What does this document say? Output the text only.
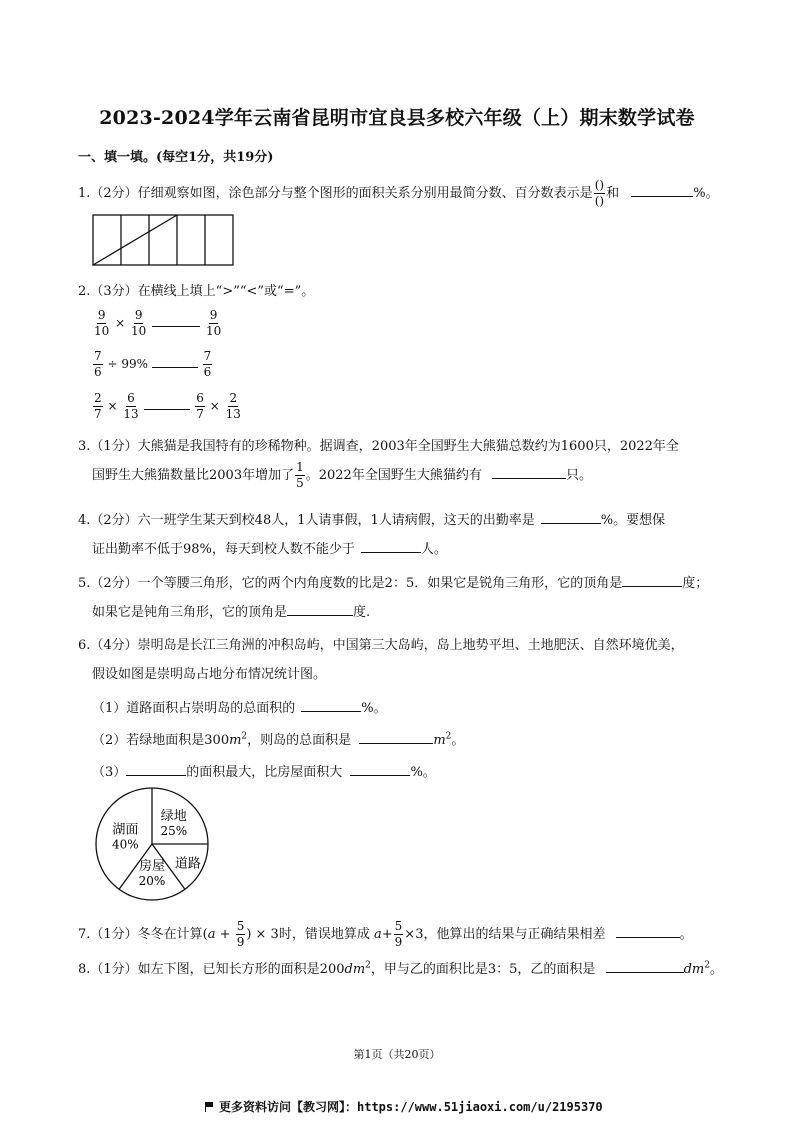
2023-2024学年云南省昆明市宜良县多校六年级（上）期末数学试卷
一、填一填。(每空1分，共19分)
1.（2分）仔细观察如图，涂色部分与整个图形的面积关系分别用最简分数、百分数表示是 $\frac{()}{()}$ 和	%。
2.（3分）在横线上填上“>”“<”或“=”。
$\frac{9}{10} \times \frac{9}{10}$
	$\frac{9}{10}$
$\frac{7}{6} \div 99\%$	$\frac{7}{6}$
$\frac{2}{7} \times \frac{6}{13}$
	$\frac{6}{7} \times \frac{2}{13}$
3.（1分）大熊猫是我国特有的珍稀物种。据调查，2003年全国野生大熊猫总数约为1600只，2022年全
国野生大熊猫数量比2003年增加了 $\frac{1}{5}$ 。2022年全国野生大熊猫约有	只。
4.（2分）六一班学生某天到校48人，1人请事假，1人请病假，这天的出勤率是	%。要想保
证出勤率不低于98%，每天到校人数不能少于	人。
5.（2分）一个等腰三角形，它的两个内角度数的比是2：5．如果它是锐角三角形，它的顶角是	度；
如果它是钝角三角形，它的顶角是	度.
6.（4分）崇明岛是长江三角洲的冲积岛屿，中国第三大岛屿，岛上地势平坦、土地肥沃、自然环境优美，
假设如图是崇明岛占地分布情况统计图。
（1）道路面积占崇明岛的总面积的	%。
（2）若绿地面积是$300m^2$，则岛的总面积是	$m^2$。
（3）	的面积最大，比房屋面积大	%。
绿地
25%
道路
房屋
20%
湖面
40%
7.（1分）冬冬在计算($a + \frac{5}{9}$ ) × 3时，错误地算成 $a+ \frac{5}{9} \times 3$，他算出的结果与正确结果相差	。
8.（1分）如左下图，已知长方形的面积是$200dm^2$，甲与乙的面积比是3：5，乙的面积是	$dm^2$。
第1页（共20页）
更多资料访问【教习网】：https://www.51jiaoxi.com/u/2195370
